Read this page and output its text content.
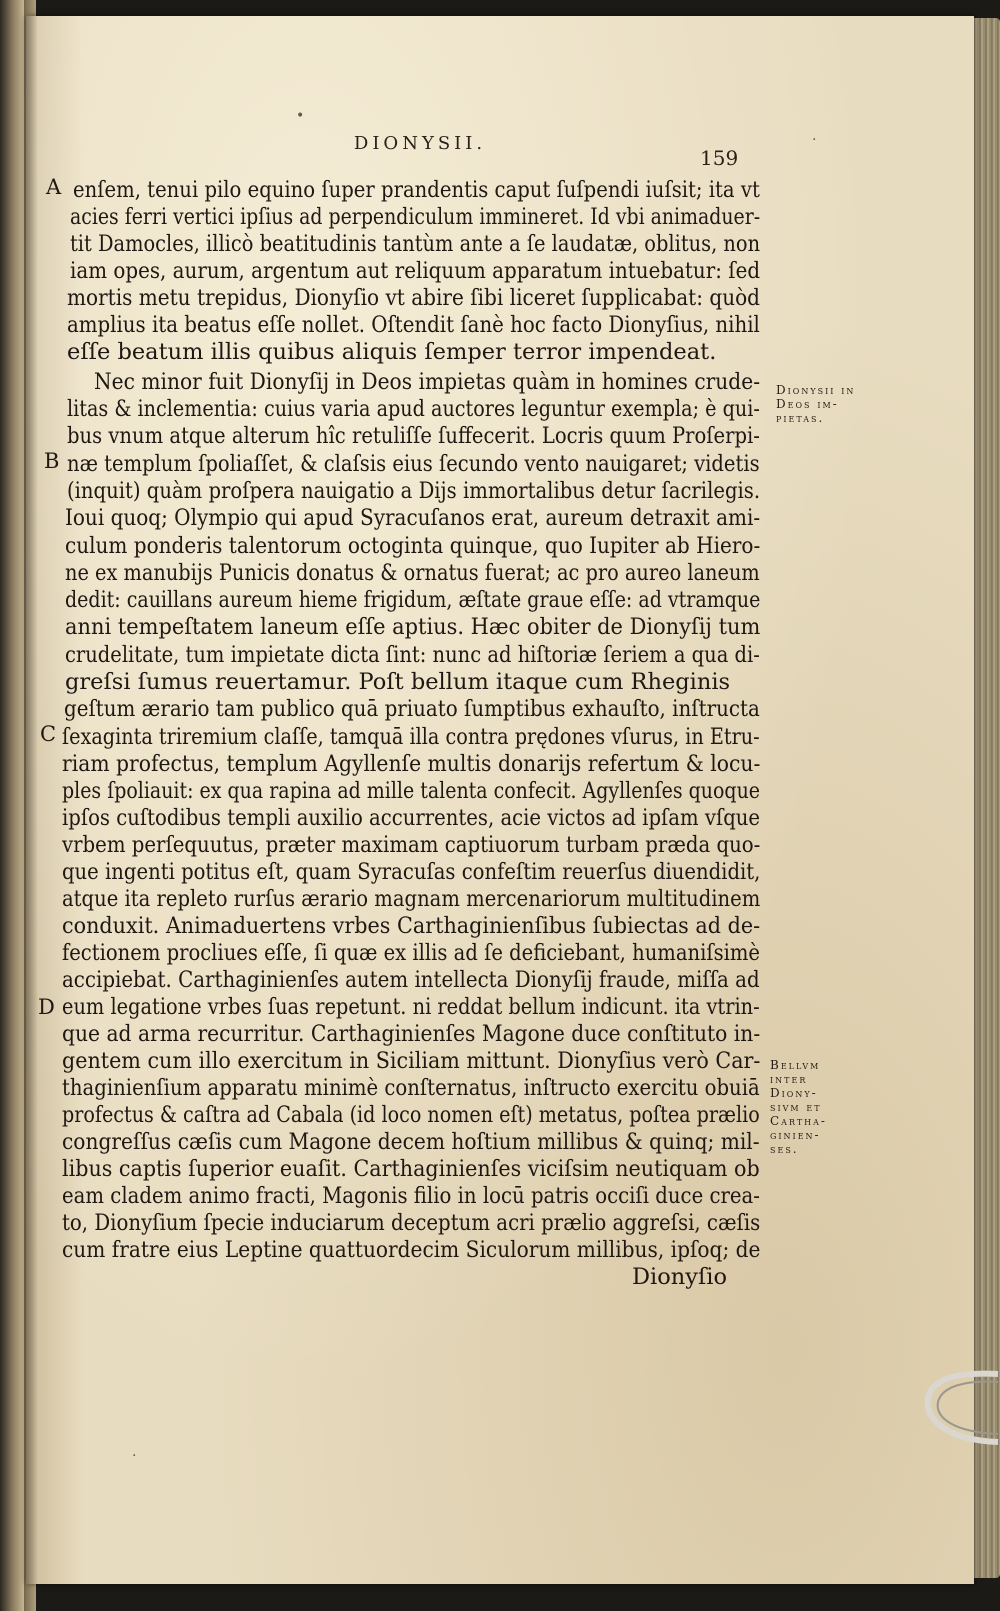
DIONYSII.
159
•
·
enſem, tenui pilo equino ſuper prandentis caput ſuſpendi iuſsit; ita vt
acies ferri vertici ipſius ad perpendiculum immineret. Id vbi animaduer-
tit Damocles, illicò beatitudinis tantùm ante a ſe laudatæ, oblitus, non
iam opes, aurum, argentum aut reliquum apparatum intuebatur: ſed
mortis metu trepidus, Dionyſio vt abire ſibi liceret ſupplicabat: quòd
amplius ita beatus eſſe nollet. Oſtendit ſanè hoc facto Dionyſius, nihil
eſſe beatum illis quibus aliquis ſemper terror impendeat.
Nec minor fuit Dionyſij in Deos impietas quàm in homines crude-
litas & inclementia: cuius varia apud auctores leguntur exempla; è qui-
bus vnum atque alterum hîc retuliſſe ſuffecerit. Locris quum Proſerpi-
næ templum ſpoliaſſet, & claſsis eius ſecundo vento nauigaret; videtis
(inquit) quàm proſpera nauigatio a Dijs immortalibus detur ſacrilegis.
Ioui quoq; Olympio qui apud Syracuſanos erat, aureum detraxit ami-
culum ponderis talentorum octoginta quinque, quo Iupiter ab Hiero-
ne ex manubijs Punicis donatus & ornatus fuerat; ac pro aureo laneum
dedit: cauillans aureum hieme frigidum, æſtate graue eſſe: ad vtramque
anni tempeſtatem laneum eſſe aptius. Hæc obiter de Dionyſij tum
crudelitate, tum impietate dicta ſint: nunc ad hiſtoriæ ſeriem a qua di-
greſsi ſumus reuertamur. Poſt bellum itaque cum Rheginis
geſtum ærario tam publico quā priuato ſumptibus exhauſto, inſtructa
ſexaginta triremium claſſe, tamquā illa contra prędones vſurus, in Etru-
riam profectus, templum Agyllenſe multis donarijs refertum & locu-
ples ſpoliauit: ex qua rapina ad mille talenta confecit. Agyllenſes quoque
ipſos cuſtodibus templi auxilio accurrentes, acie victos ad ipſam vſque
vrbem perſequutus, præter maximam captiuorum turbam præda quo-
que ingenti potitus eſt, quam Syracuſas confeſtim reuerſus diuendidit,
atque ita repleto rurſus ærario magnam mercenariorum multitudinem
conduxit. Animaduertens vrbes Carthaginienſibus ſubiectas ad de-
fectionem procliues eſſe, ſi quæ ex illis ad ſe deficiebant, humaniſsimè
accipiebat. Carthaginienſes autem intellecta Dionyſij fraude, miſſa ad
eum legatione vrbes ſuas repetunt. ni reddat bellum indicunt. ita vtrin-
que ad arma recurritur. Carthaginienſes Magone duce conſtituto in-
gentem cum illo exercitum in Siciliam mittunt. Dionyſius verò Car-
thaginienſium apparatu minimè conſternatus, inſtructo exercitu obuiā
profectus & caſtra ad Cabala (id loco nomen eſt) metatus, poſtea prælio
congreſſus cæſis cum Magone decem hoſtium millibus & quinq; mil-
libus captis ſuperior euaſit. Carthaginienſes viciſsim neutiquam ob
eam cladem animo fracti, Magonis filio in locū patris occiſi duce crea-
to, Dionyſium ſpecie induciarum deceptum acri prælio aggreſsi, cæſis
cum fratre eius Leptine quattuordecim Siculorum millibus, ipſoq; de
Dionyſio
A
B
C
D
Dionyſii in
Deos im-
pietas.
Bellvm
inter
Diony-
ſivm et
Cartha-
ginien-
ſes.
·
